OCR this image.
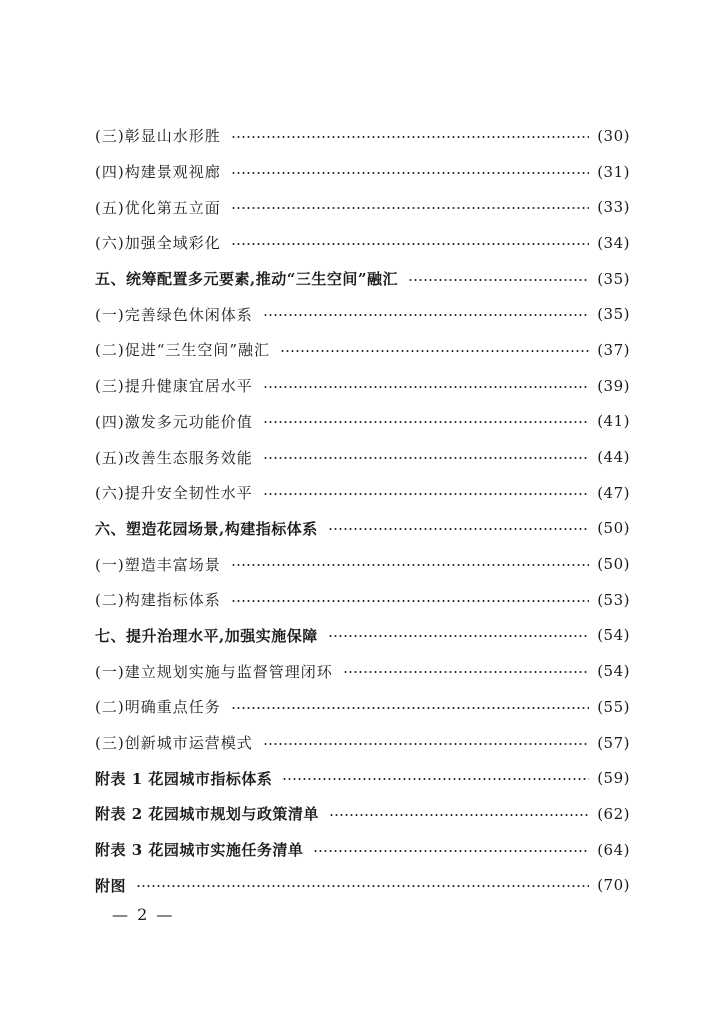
(三)彰显山水形胜	(30)
(四)构建景观视廊	(31)
(五)优化第五立面	(33)
(六)加强全域彩化	(34)
五、统筹配置多元要素,推动“三生空间”融汇	(35)
(一)完善绿色休闲体系	(35)
(二)促进“三生空间”融汇	(37)
(三)提升健康宜居水平	(39)
(四)激发多元功能价值	(41)
(五)改善生态服务效能	(44)
(六)提升安全韧性水平	(47)
六、塑造花园场景,构建指标体系	(50)
(一)塑造丰富场景	(50)
(二)构建指标体系	(53)
七、提升治理水平,加强实施保障	(54)
(一)建立规划实施与监督管理闭环	(54)
(二)明确重点任务	(55)
(三)创新城市运营模式	(57)
附表 1 花园城市指标体系	(59)
附表 2 花园城市规划与政策清单	(62)
附表 3 花园城市实施任务清单	(64)
附图	(70)
— 2 —
